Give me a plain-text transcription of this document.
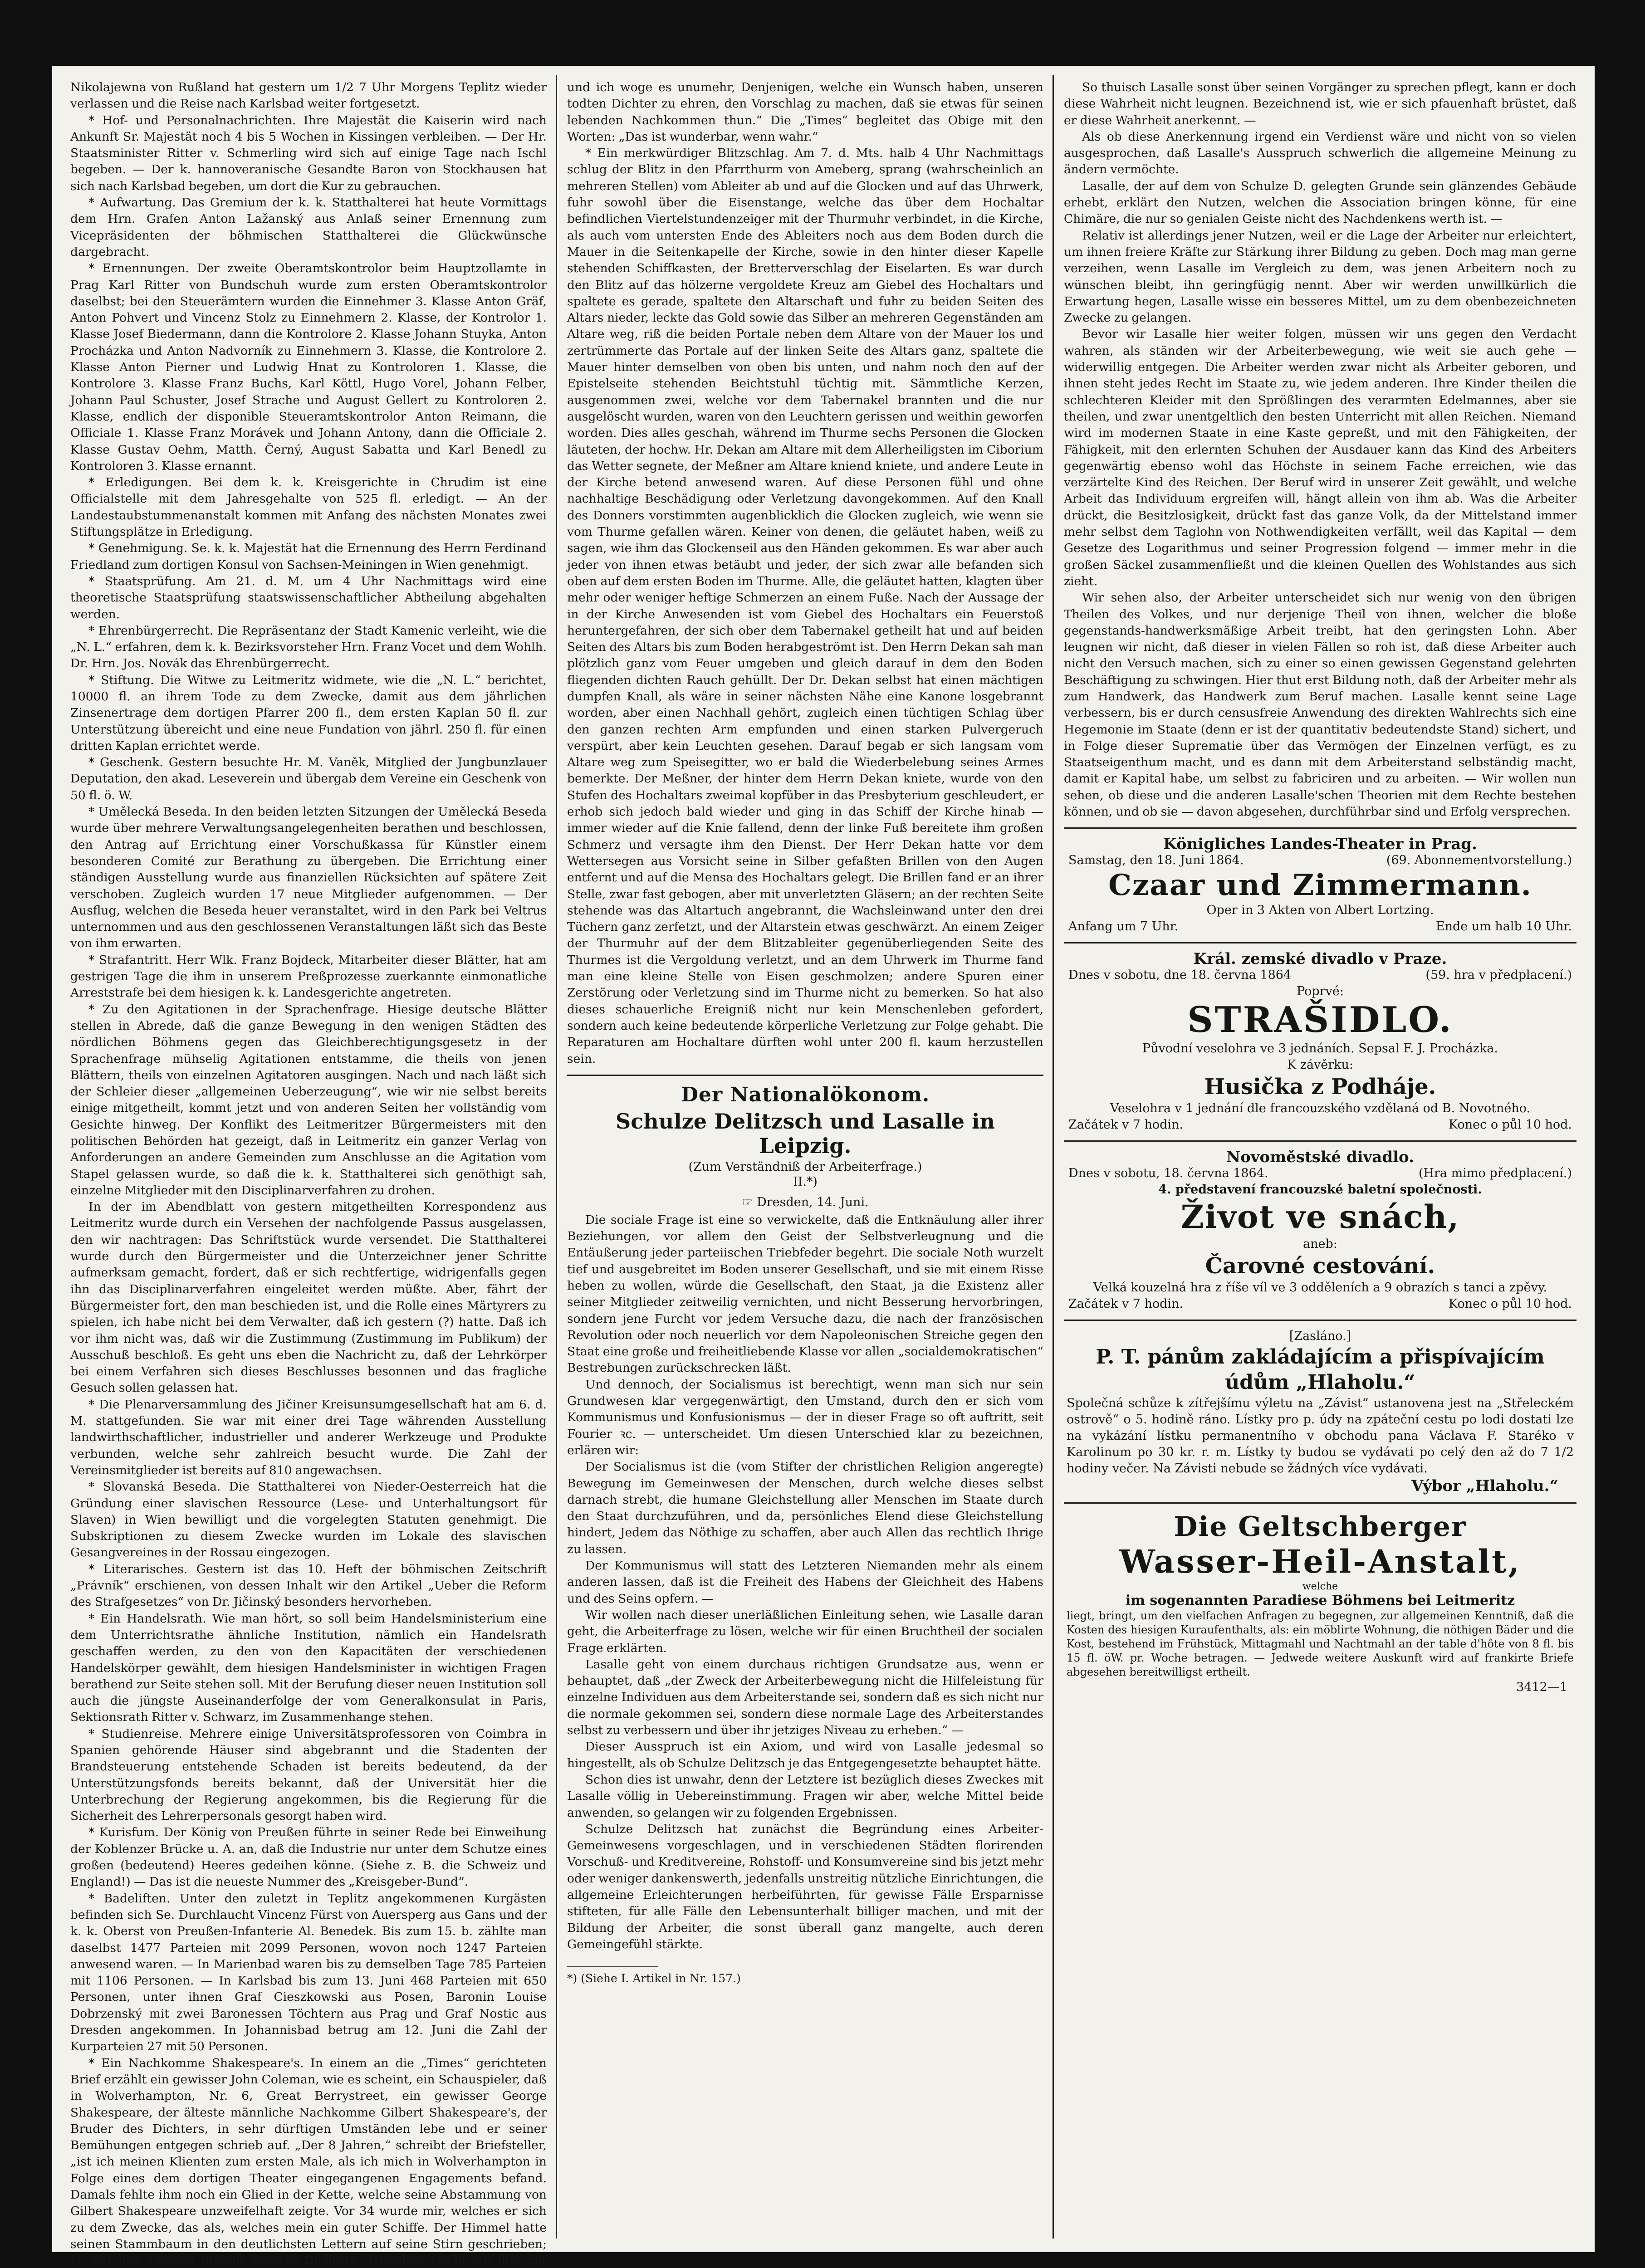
Nikolajewna von Rußland hat gestern um 1/2 7 Uhr Morgens Teplitz wieder verlassen und die Reise nach Karlsbad weiter fortgesetzt.

* Hof- und Personalnachrichten. Ihre Majestät die Kaiserin wird nach Ankunft Sr. Majestät noch 4 bis 5 Wochen in Kissingen verbleiben. — Der Hr. Staatsminister Ritter v. Schmerling wird sich auf einige Tage nach Ischl begeben. — Der k. hannoveranische Gesandte Baron von Stockhausen hat sich nach Karlsbad begeben, um dort die Kur zu gebrauchen.

* Aufwartung. Das Gremium der k. k. Statthalterei hat heute Vormittags dem Hrn. Grafen Anton Lažanský aus Anlaß seiner Ernennung zum Vicepräsidenten der böhmischen Statthalterei die Glückwünsche dargebracht.

* Ernennungen. Der zweite Oberamtskontrolor beim Hauptzollamte in Prag Karl Ritter von Bundschuh wurde zum ersten Oberamtskontrolor daselbst; bei den Steuerämtern wurden die Einnehmer 3. Klasse Anton Gräf, Anton Pohvert und Vincenz Stolz zu Einnehmern 2. Klasse, der Kontrolor 1. Klasse Josef Biedermann, dann die Kontrolore 2. Klasse Johann Stuyka, Anton Procházka und Anton Nadvorník zu Einnehmern 3. Klasse, die Kontrolore 2. Klasse Anton Pierner und Ludwig Hnat zu Kontroloren 1. Klasse, die Kontrolore 3. Klasse Franz Buchs, Karl Köttl, Hugo Vorel, Johann Felber, Johann Paul Schuster, Josef Strache und August Gellert zu Kontroloren 2. Klasse, endlich der disponible Steueramtskontrolor Anton Reimann, die Officiale 1. Klasse Franz Morávek und Johann Antony, dann die Officiale 2. Klasse Gustav Oehm, Matth. Černý, August Sabatta und Karl Benedl zu Kontroloren 3. Klasse ernannt.

* Erledigungen. Bei dem k. k. Kreisgerichte in Chrudim ist eine Officialstelle mit dem Jahresgehalte von 525 fl. erledigt. — An der Landestaubstummenanstalt kommen mit Anfang des nächsten Monates zwei Stiftungsplätze in Erledigung.

* Genehmigung. Se. k. k. Majestät hat die Ernennung des Herrn Ferdinand Friedland zum dortigen Konsul von Sachsen-Meiningen in Wien genehmigt.

* Staatsprüfung. Am 21. d. M. um 4 Uhr Nachmittags wird eine theoretische Staatsprüfung staatswissenschaftlicher Abtheilung abgehalten werden.

* Ehrenbürgerrecht. Die Repräsentanz der Stadt Kamenic verleiht, wie die „N. L.“ erfahren, dem k. k. Bezirksvorsteher Hrn. Franz Vocet und dem Wohlh. Dr. Hrn. Jos. Novák das Ehrenbürgerrecht.

* Stiftung. Die Witwe zu Leitmeritz widmete, wie die „N. L.“ berichtet, 10000 fl. an ihrem Tode zu dem Zwecke, damit aus dem jährlichen Zinsenertrage dem dortigen Pfarrer 200 fl., dem ersten Kaplan 50 fl. zur Unterstützung übereicht und eine neue Fundation von jährl. 250 fl. für einen dritten Kaplan errichtet werde.

* Geschenk. Gestern besuchte Hr. M. Vaněk, Mitglied der Jungbunzlauer Deputation, den akad. Leseverein und übergab dem Vereine ein Geschenk von 50 fl. ö. W.

* Umělecká Beseda. In den beiden letzten Sitzungen der Umělecká Beseda wurde über mehrere Verwaltungsangelegenheiten berathen und beschlossen, den Antrag auf Errichtung einer Vorschußkassa für Künstler einem besonderen Comité zur Berathung zu übergeben. Die Errichtung einer ständigen Ausstellung wurde aus finanziellen Rücksichten auf spätere Zeit verschoben. Zugleich wurden 17 neue Mitglieder aufgenommen. — Der Ausflug, welchen die Beseda heuer veranstaltet, wird in den Park bei Veltrus unternommen und aus den geschlossenen Veranstaltungen läßt sich das Beste von ihm erwarten.

* Strafantritt. Herr Wlk. Franz Bojdeck, Mitarbeiter dieser Blätter, hat am gestrigen Tage die ihm in unserem Preßprozesse zuerkannte einmonatliche Arreststrafe bei dem hiesigen k. k. Landesgerichte angetreten.

* Zu den Agitationen in der Sprachenfrage. Hiesige deutsche Blätter stellen in Abrede, daß die ganze Bewegung in den wenigen Städten des nördlichen Böhmens gegen das Gleichberechtigungsgesetz in der Sprachenfrage mühselig Agitationen entstamme, die theils von jenen Blättern, theils von einzelnen Agitatoren ausgingen. Nach und nach läßt sich der Schleier dieser „allgemeinen Ueberzeugung“, wie wir nie selbst bereits einige mitgetheilt, kommt jetzt und von anderen Seiten her vollständig vom Gesichte hinweg. Der Konflikt des Leitmeritzer Bürgermeisters mit den politischen Behörden hat gezeigt, daß in Leitmeritz ein ganzer Verlag von Anforderungen an andere Gemeinden zum Anschlusse an die Agitation vom Stapel gelassen wurde, so daß die k. k. Statthalterei sich genöthigt sah, einzelne Mitglieder mit den Disciplinarverfahren zu drohen.

In der im Abendblatt von gestern mitgetheilten Korrespondenz aus Leitmeritz wurde durch ein Versehen der nachfolgende Passus ausgelassen, den wir nachtragen: Das Schriftstück wurde versendet. Die Statthalterei wurde durch den Bürgermeister und die Unterzeichner jener Schritte aufmerksam gemacht, fordert, daß er sich rechtfertige, widrigenfalls gegen ihn das Disciplinarverfahren eingeleitet werden müßte. Aber, fährt der Bürgermeister fort, den man beschieden ist, und die Rolle eines Märtyrers zu spielen, ich habe nicht bei dem Verwalter, daß ich gestern (?) hatte. Daß ich vor ihm nicht was, daß wir die Zustimmung (Zustimmung im Publikum) der Ausschuß beschloß. Es geht uns eben die Nachricht zu, daß der Lehrkörper bei einem Verfahren sich dieses Beschlusses besonnen und das fragliche Gesuch sollen gelassen hat.

* Die Plenarversammlung des Jičiner Kreisunsumgesellschaft hat am 6. d. M. stattgefunden. Sie war mit einer drei Tage währenden Ausstellung landwirthschaftlicher, industrieller und anderer Werkzeuge und Produkte verbunden, welche sehr zahlreich besucht wurde. Die Zahl der Vereinsmitglieder ist bereits auf 810 angewachsen.

* Slovanská Beseda. Die Statthalterei von Nieder-Oesterreich hat die Gründung einer slavischen Ressource (Lese- und Unterhaltungsort für Slaven) in Wien bewilligt und die vorgelegten Statuten genehmigt. Die Subskriptionen zu diesem Zwecke wurden im Lokale des slavischen Gesangvereines in der Rossau eingezogen.

* Literarisches. Gestern ist das 10. Heft der böhmischen Zeitschrift „Právník“ erschienen, von dessen Inhalt wir den Artikel „Ueber die Reform des Strafgesetzes“ von Dr. Jičinský besonders hervorheben.

* Ein Handelsrath. Wie man hört, so soll beim Handelsministerium eine dem Unterrichtsrathe ähnliche Institution, nämlich ein Handelsrath geschaffen werden, zu den von den Kapacitäten der verschiedenen Handelskörper gewählt, dem hiesigen Handelsminister in wichtigen Fragen berathend zur Seite stehen soll. Mit der Berufung dieser neuen Institution soll auch die jüngste Auseinanderfolge der vom Generalkonsulat in Paris, Sektionsrath Ritter v. Schwarz, im Zusammenhange stehen.

* Studienreise. Mehrere einige Universitätsprofessoren von Coimbra in Spanien gehörende Häuser sind abgebrannt und die Stadenten der Brandsteuerung entstehende Schaden ist bereits bedeutend, da der Unterstützungsfonds bereits bekannt, daß der Universität hier die Unterbrechung der Regierung angekommen, bis die Regierung für die Sicherheit des Lehrerpersonals gesorgt haben wird.

* Kurisfum. Der König von Preußen führte in seiner Rede bei Einweihung der Koblenzer Brücke u. A. an, daß die Industrie nur unter dem Schutze eines großen (bedeutend) Heeres gedeihen könne. (Siehe z. B. die Schweiz und England!) — Das ist die neueste Nummer des „Kreisgeber-Bund“.

* Badeliften. Unter den zuletzt in Teplitz angekommenen Kurgästen befinden sich Se. Durchlaucht Vincenz Fürst von Auersperg aus Gans und der k. k. Oberst von Preußen-Infanterie Al. Benedek. Bis zum 15. b. zählte man daselbst 1477 Parteien mit 2099 Personen, wovon noch 1247 Parteien anwesend waren. — In Marienbad waren bis zu demselben Tage 785 Parteien mit 1106 Personen. — In Karlsbad bis zum 13. Juni 468 Parteien mit 650 Personen, unter ihnen Graf Cieszkowski aus Posen, Baronin Louise Dobrzenský mit zwei Baronessen Töchtern aus Prag und Graf Nostic aus Dresden angekommen. In Johannisbad betrug am 12. Juni die Zahl der Kurparteien 27 mit 50 Personen.

* Ein Nachkomme Shakespeare's. In einem an die „Times“ gerichteten Brief erzählt ein gewisser John Coleman, wie es scheint, ein Schauspieler, daß in Wolverhampton, Nr. 6, Great Berrystreet, ein gewisser George Shakespeare, der älteste männliche Nachkomme Gilbert Shakespeare's, der Bruder des Dichters, in sehr dürftigen Umständen lebe und er seiner Bemühungen entgegen schrieb auf. „Der 8 Jahren,“ schreibt der Briefsteller, „ist ich meinen Klienten zum ersten Male, als ich mich in Wolverhampton in Folge eines dem dortigen Theater eingegangenen Engagements befand. Damals fehlte ihm noch ein Glied in der Kette, welche seine Abstammung von Gilbert Shakespeare unzweifelhaft zeigte. Vor 34 wurde mir, welches er sich zu dem Zwecke, das als, welches mein ein guter Schiffe. Der Himmel hatte seinen Stammbaum in den deutlichsten Lettern auf seine Stirn geschrieben; er war das lebende Bildniß unseres Dichters. Trotzdem reicht ich ihm mit

und ich woge es unumehr, Denjenigen, welche ein Wunsch haben, unseren todten Dichter zu ehren, den Vorschlag zu machen, daß sie etwas für seinen lebenden Nachkommen thun.“ Die „Times“ begleitet das Obige mit den Worten: „Das ist wunderbar, wenn wahr.“

* Ein merkwürdiger Blitzschlag. Am 7. d. Mts. halb 4 Uhr Nachmittags schlug der Blitz in den Pfarrthurm von Ameberg, sprang (wahrscheinlich an mehreren Stellen) vom Ableiter ab und auf die Glocken und auf das Uhrwerk, fuhr sowohl über die Eisenstange, welche das über dem Hochaltar befindlichen Viertelstundenzeiger mit der Thurmuhr verbindet, in die Kirche, als auch vom untersten Ende des Ableiters noch aus dem Boden durch die Mauer in die Seitenkapelle der Kirche, sowie in den hinter dieser Kapelle stehenden Schiffkasten, der Bretterverschlag der Eiselarten. Es war durch den Blitz auf das hölzerne vergoldete Kreuz am Giebel des Hochaltars und spaltete es gerade, spaltete den Altarschaft und fuhr zu beiden Seiten des Altars nieder, leckte das Gold sowie das Silber an mehreren Gegenständen am Altare weg, riß die beiden Portale neben dem Altare von der Mauer los und zertrümmerte das Portale auf der linken Seite des Altars ganz, spaltete die Mauer hinter demselben von oben bis unten, und nahm noch den auf der Epistelseite stehenden Beichtstuhl tüchtig mit. Sämmtliche Kerzen, ausgenommen zwei, welche vor dem Tabernakel brannten und die nur ausgelöscht wurden, waren von den Leuchtern gerissen und weithin geworfen worden. Dies alles geschah, während im Thurme sechs Personen die Glocken läuteten, der hochw. Hr. Dekan am Altare mit dem Allerheiligsten im Ciborium das Wetter segnete, der Meßner am Altare kniend kniete, und andere Leute in der Kirche betend anwesend waren. Auf diese Personen fühl und ohne nachhaltige Beschädigung oder Verletzung davongekommen. Auf den Knall des Donners vorstimmten augenblicklich die Glocken zugleich, wie wenn sie vom Thurme gefallen wären. Keiner von denen, die geläutet haben, weiß zu sagen, wie ihm das Glockenseil aus den Händen gekommen. Es war aber auch jeder von ihnen etwas betäubt und jeder, der sich zwar alle befanden sich oben auf dem ersten Boden im Thurme. Alle, die geläutet hatten, klagten über mehr oder weniger heftige Schmerzen an einem Fuße. Nach der Aussage der in der Kirche Anwesenden ist vom Giebel des Hochaltars ein Feuerstoß heruntergefahren, der sich ober dem Tabernakel getheilt hat und auf beiden Seiten des Altars bis zum Boden herabgeströmt ist. Den Herrn Dekan sah man plötzlich ganz vom Feuer umgeben und gleich darauf in dem den Boden fliegenden dichten Rauch gehüllt. Der Dr. Dekan selbst hat einen mächtigen dumpfen Knall, als wäre in seiner nächsten Nähe eine Kanone losgebrannt worden, aber einen Nachhall gehört, zugleich einen tüchtigen Schlag über den ganzen rechten Arm empfunden und einen starken Pulvergeruch verspürt, aber kein Leuchten gesehen. Darauf begab er sich langsam vom Altare weg zum Speisegitter, wo er bald die Wiederbelebung seines Armes bemerkte. Der Meßner, der hinter dem Herrn Dekan kniete, wurde von den Stufen des Hochaltars zweimal kopfüber in das Presbyterium geschleudert, er erhob sich jedoch bald wieder und ging in das Schiff der Kirche hinab — immer wieder auf die Knie fallend, denn der linke Fuß bereitete ihm großen Schmerz und versagte ihm den Dienst. Der Herr Dekan hatte vor dem Wettersegen aus Vorsicht seine in Silber gefaßten Brillen von den Augen entfernt und auf die Mensa des Hochaltars gelegt. Die Brillen fand er an ihrer Stelle, zwar fast gebogen, aber mit unverletzten Gläsern; an der rechten Seite stehende was das Altartuch angebrannt, die Wachsleinwand unter den drei Tüchern ganz zerfetzt, und der Altarstein etwas geschwärzt. An einem Zeiger der Thurmuhr auf der dem Blitzableiter gegenüberliegenden Seite des Thurmes ist die Vergoldung verletzt, und an dem Uhrwerk im Thurme fand man eine kleine Stelle von Eisen geschmolzen; andere Spuren einer Zerstörung oder Verletzung sind im Thurme nicht zu bemerken. So hat also dieses schauerliche Ereigniß nicht nur kein Menschenleben gefordert, sondern auch keine bedeutende körperliche Verletzung zur Folge gehabt. Die Reparaturen am Hochaltare dürften wohl unter 200 fl. kaum herzustellen sein.

Der Nationalökonom.
Schulze Delitzsch und Lasalle in Leipzig.
(Zum Verständniß der Arbeiterfrage.)
II.*)
☞ Dresden, 14. Juni.

Die sociale Frage ist eine so verwickelte, daß die Entknäulung aller ihrer Beziehungen, vor allem den Geist der Selbstverleugnung und die Entäußerung jeder parteiischen Triebfeder begehrt. Die sociale Noth wurzelt tief und ausgebreitet im Boden unserer Gesellschaft, und sie mit einem Risse heben zu wollen, würde die Gesellschaft, den Staat, ja die Existenz aller seiner Mitglieder zeitweilig vernichten, und nicht Besserung hervorbringen, sondern jene Furcht vor jedem Versuche dazu, die nach der französischen Revolution oder noch neuerlich vor dem Napoleonischen Streiche gegen den Staat eine große und freiheitliebende Klasse vor allen „socialdemokratischen“ Bestrebungen zurückschrecken läßt.

Und dennoch, der Socialismus ist berechtigt, wenn man sich nur sein Grundwesen klar vergegenwärtigt, den Umstand, durch den er sich vom Kommunismus und Konfusionismus — der in dieser Frage so oft auftritt, seit Fourier ꝛc. — unterscheidet. Um diesen Unterschied klar zu bezeichnen, erlären wir:

Der Socialismus ist die (vom Stifter der christlichen Religion angeregte) Bewegung im Gemeinwesen der Menschen, durch welche dieses selbst darnach strebt, die humane Gleichstellung aller Menschen im Staate durch den Staat durchzuführen, und da, persönliches Elend diese Gleichstellung hindert, Jedem das Nöthige zu schaffen, aber auch Allen das rechtlich Ihrige zu lassen.

Der Kommunismus will statt des Letzteren Niemanden mehr als einem anderen lassen, daß ist die Freiheit des Habens der Gleichheit des Habens und des Seins opfern. —

Wir wollen nach dieser unerläßlichen Einleitung sehen, wie Lasalle daran geht, die Arbeiterfrage zu lösen, welche wir für einen Bruchtheil der socialen Frage erklärten.

Lasalle geht von einem durchaus richtigen Grundsatze aus, wenn er behauptet, daß „der Zweck der Arbeiterbewegung nicht die Hilfeleistung für einzelne Individuen aus dem Arbeiterstande sei, sondern daß es sich nicht nur die normale gekommen sei, sondern diese normale Lage des Arbeiterstandes selbst zu verbessern und über ihr jetziges Niveau zu erheben.“ —

Dieser Ausspruch ist ein Axiom, und wird von Lasalle jedesmal so hingestellt, als ob Schulze Delitzsch je das Entgegengesetzte behauptet hätte.

Schon dies ist unwahr, denn der Letztere ist bezüglich dieses Zweckes mit Lasalle völlig in Uebereinstimmung. Fragen wir aber, welche Mittel beide anwenden, so gelangen wir zu folgenden Ergebnissen.

Schulze Delitzsch hat zunächst die Begründung eines Arbeiter-Gemeinwesens vorgeschlagen, und in verschiedenen Städten florirenden Vorschuß- und Kreditvereine, Rohstoff- und Konsumvereine sind bis jetzt mehr oder weniger dankenswerth, jedenfalls unstreitig nützliche Einrichtungen, die allgemeine Erleichterungen herbeiführten, für gewisse Fälle Ersparnisse stifteten, für alle Fälle den Lebensunterhalt billiger machen, und mit der Bildung der Arbeiter, die sonst überall ganz mangelte, auch deren Gemeingefühl stärkte.

*) (Siehe I. Artikel in Nr. 157.)

So thuisch Lasalle sonst über seinen Vorgänger zu sprechen pflegt, kann er doch diese Wahrheit nicht leugnen. Bezeichnend ist, wie er sich pfauenhaft brüstet, daß er diese Wahrheit anerkennt. —

Als ob diese Anerkennung irgend ein Verdienst wäre und nicht von so vielen ausgesprochen, daß Lasalle's Ausspruch schwerlich die allgemeine Meinung zu ändern vermöchte.

Lasalle, der auf dem von Schulze D. gelegten Grunde sein glänzendes Gebäude erhebt, erklärt den Nutzen, welchen die Association bringen könne, für eine Chimäre, die nur so genialen Geiste nicht des Nachdenkens werth ist. —

Relativ ist allerdings jener Nutzen, weil er die Lage der Arbeiter nur erleichtert, um ihnen freiere Kräfte zur Stärkung ihrer Bildung zu geben. Doch mag man gerne verzeihen, wenn Lasalle im Vergleich zu dem, was jenen Arbeitern noch zu wünschen bleibt, ihn geringfügig nennt. Aber wir werden unwillkürlich die Erwartung hegen, Lasalle wisse ein besseres Mittel, um zu dem obenbezeichneten Zwecke zu gelangen.

Bevor wir Lasalle hier weiter folgen, müssen wir uns gegen den Verdacht wahren, als ständen wir der Arbeiterbewegung, wie weit sie auch gehe — widerwillig entgegen. Die Arbeiter werden zwar nicht als Arbeiter geboren, und ihnen steht jedes Recht im Staate zu, wie jedem anderen. Ihre Kinder theilen die schlechteren Kleider mit den Sprößlingen des verarmten Edelmannes, aber sie theilen, und zwar unentgeltlich den besten Unterricht mit allen Reichen. Niemand wird im modernen Staate in eine Kaste gepreßt, und mit den Fähigkeiten, der Fähigkeit, mit den erlernten Schuhen der Ausdauer kann das Kind des Arbeiters gegenwärtig ebenso wohl das Höchste in seinem Fache erreichen, wie das verzärtelte Kind des Reichen. Der Beruf wird in unserer Zeit gewählt, und welche Arbeit das Individuum ergreifen will, hängt allein von ihm ab. Was die Arbeiter drückt, die Besitzlosigkeit, drückt fast das ganze Volk, da der Mittelstand immer mehr selbst dem Taglohn von Nothwendigkeiten verfällt, weil das Kapital — dem Gesetze des Logarithmus und seiner Progression folgend — immer mehr in die großen Säckel zusammenfließt und die kleinen Quellen des Wohlstandes aus sich zieht.

Wir sehen also, der Arbeiter unterscheidet sich nur wenig von den übrigen Theilen des Volkes, und nur derjenige Theil von ihnen, welcher die bloße gegenstands-handwerksmäßige Arbeit treibt, hat den geringsten Lohn. Aber leugnen wir nicht, daß dieser in vielen Fällen so roh ist, daß diese Arbeiter auch nicht den Versuch machen, sich zu einer so einen gewissen Gegenstand gelehrten Beschäftigung zu schwingen. Hier thut erst Bildung noth, daß der Arbeiter mehr als zum Handwerk, das Handwerk zum Beruf machen. Lasalle kennt seine Lage verbessern, bis er durch censusfreie Anwendung des direkten Wahlrechts sich eine Hegemonie im Staate (denn er ist der quantitativ bedeutendste Stand) sichert, und in Folge dieser Suprematie über das Vermögen der Einzelnen verfügt, es zu Staatseigenthum macht, und es dann mit dem Arbeiterstand selbständig macht, damit er Kapital habe, um selbst zu fabriciren und zu arbeiten. — Wir wollen nun sehen, ob diese und die anderen Lasalle'schen Theorien mit dem Rechte bestehen können, und ob sie — davon abgesehen, durchführbar sind und Erfolg versprechen.

Königliches Landes-Theater in Prag.
Samstag, den 18. Juni 1864.	(69. Abonnementvorstellung.)
Czaar und Zimmermann.
Oper in 3 Akten von Albert Lortzing.
Anfang um 7 Uhr.	Ende um halb 10 Uhr.
Král. zemské divadlo v Praze.
Dnes v sobotu, dne 18. června 1864	(59. hra v předplacení.)
Poprvé:
STRAŠIDLO.
Původní veselohra ve 3 jednáních. Sepsal F. J. Procházka.
K závěrku:
Husička z Podháje.
Veselohra v 1 jednání dle francouzského vzdělaná od B. Novotného.
Začátek v 7 hodin.	Konec o půl 10 hod.
Novoměstské divadlo.
Dnes v sobotu, 18. června 1864.	(Hra mimo předplacení.)
4. představení francouzské baletní společnosti.
Život ve snách,
aneb:
Čarovné cestování.
Velká kouzelná hra z říše víl ve 3 odděleních a 9 obrazích s tanci a zpěvy.
Začátek v 7 hodin.	Konec o půl 10 hod.
[Zasláno.]
P. T. pánům zakládajícím a přispívajícím údům „Hlaholu.“
Společná schůze k zítřejšímu výletu na „Závist“ ustanovena jest na „Střeleckém ostrově“ o 5. hodině ráno. Lístky pro p. údy na zpáteční cestu po lodi dostati lze na vykázání lístku permanentního v obchodu pana Václava F. Staréko v Karolinum po 30 kr. r. m. Lístky ty budou se vydávati po celý den až do 7 1/2 hodiny večer. Na Závisti nebude se žádných více vydávati.
Výbor „Hlaholu.“
Die Geltschberger
Wasser-Heil-Anstalt,
welche
im sogenannten Paradiese Böhmens bei Leitmeritz
liegt, bringt, um den vielfachen Anfragen zu begegnen, zur allgemeinen Kenntniß, daß die Kosten des hiesigen Kuraufenthalts, als: ein möblirte Wohnung, die nöthigen Bäder und die Kost, bestehend im Frühstück, Mittagmahl und Nachtmahl an der table d'hôte von 8 fl. bis 15 fl. öW. pr. Woche betragen. — Jedwede weitere Auskunft wird auf frankirte Briefe abgesehen bereitwilligst ertheilt.
3412—1
